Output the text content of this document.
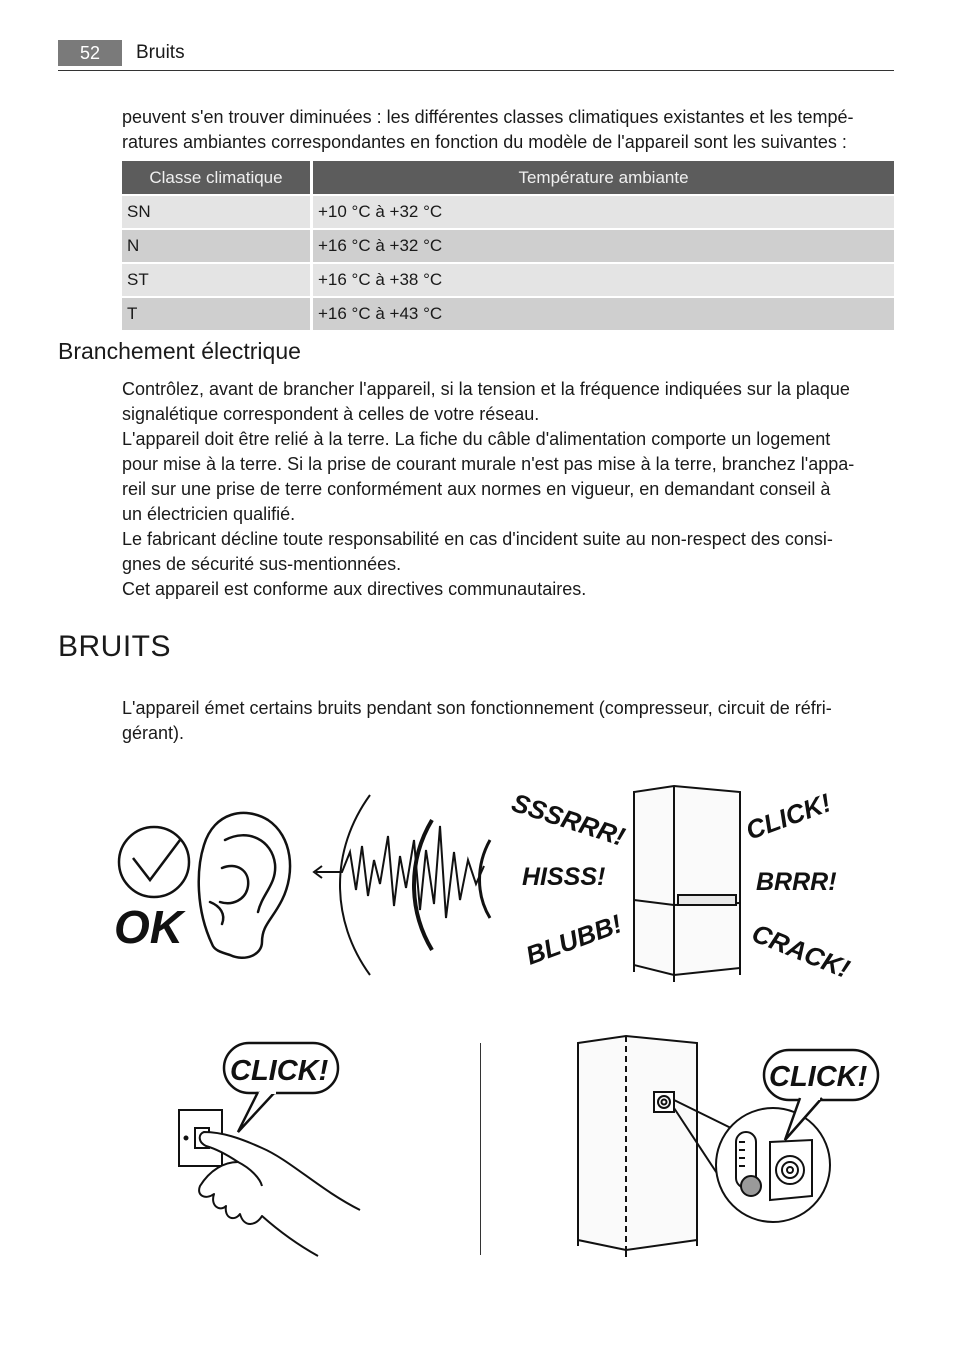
52	Bruits

peuvent s'en trouver diminuées : les différentes classes climatiques existantes et les tempé-

ratures ambiantes correspondantes en fonction du modèle de l'appareil sont les suivantes :

Classe climatique	Température ambiante
SN	+10 °C à +32 °C
N	+16 °C à +32 °C
ST	+16 °C à +38 °C
T	+16 °C à +43 °C
Branchement électrique

Contrôlez, avant de brancher l'appareil, si la tension et la fréquence indiquées sur la plaque

signalétique correspondent à celles de votre réseau.

L'appareil doit être relié à la terre. La fiche du câble d'alimentation comporte un logement

pour mise à la terre. Si la prise de courant murale n'est pas mise à la terre, branchez l'appa-

reil sur une prise de terre conformément aux normes en vigueur, en demandant conseil à

un électricien qualifié.

Le fabricant décline toute responsabilité en cas d'incident suite au non-respect des consi-

gnes de sécurité sus-mentionnées.

Cet appareil est conforme aux directives communautaires.

BRUITS

L'appareil émet certains bruits pendant son fonctionnement (compresseur, circuit de réfri-

gérant).

OK
SSSRRR!
HISSS!
BLUBB!
CLICK!
BRRR!
CRACK!
CLICK!	CLICK!
